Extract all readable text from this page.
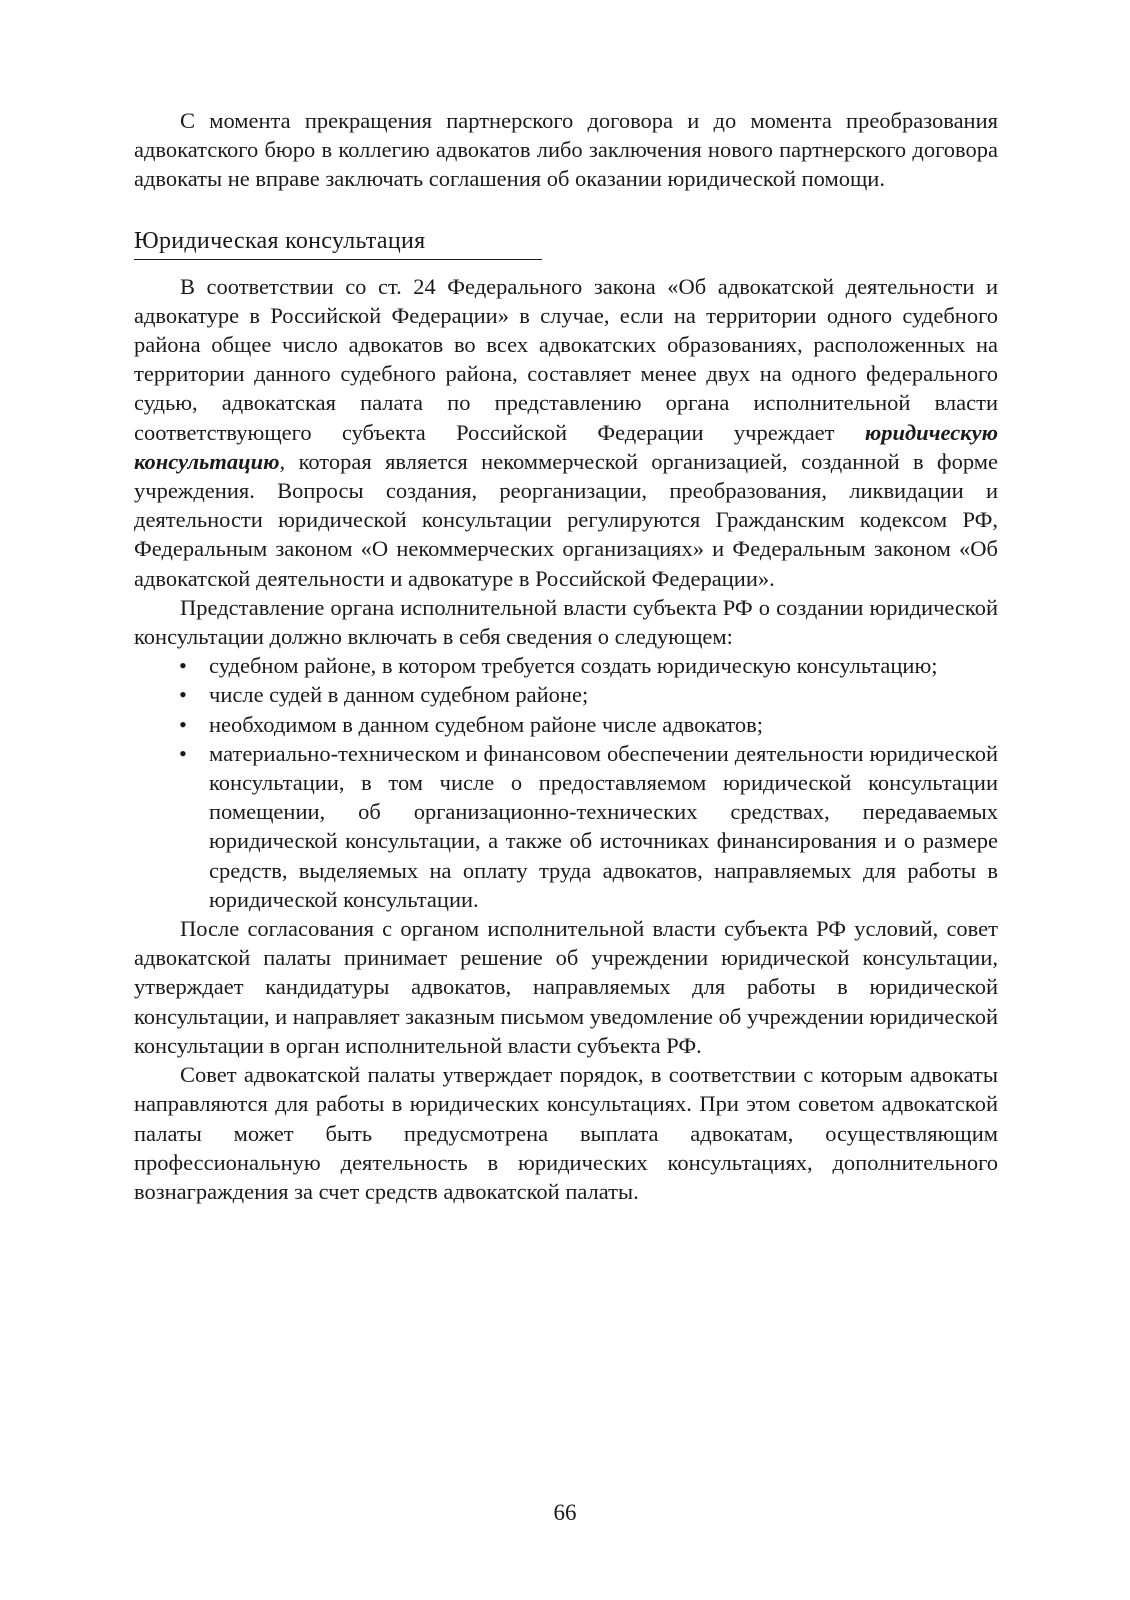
С момента прекращения партнерского договора и до момента преобразования адвокатского бюро в коллегию адвокатов либо заключения нового партнерского договора адвокаты не вправе заключать соглашения об оказании юридической помощи.

Юридическая консультация

В соответствии со ст. 24 Федерального закона «Об адвокатской деятельности и адвокатуре в Российской Федерации» в случае, если на территории одного судебного района общее число адвокатов во всех адвокатских образованиях, расположенных на территории данного судебного района, составляет менее двух на одного федерального судью, адвокатская палата по представлению органа исполнительной власти соответствующего субъекта Российской Федерации учреждает юридическую консультацию, которая является некоммерческой организацией, созданной в форме учреждения. Вопросы создания, реорганизации, преобразования, ликвидации и деятельности юридической консультации регулируются Гражданским кодексом РФ, Федеральным законом «О некоммерческих организациях» и Федеральным законом «Об адвокатской деятельности и адвокатуре в Российской Федерации».

Представление органа исполнительной власти субъекта РФ о создании юридической консультации должно включать в себя сведения о следующем:

• судебном районе, в котором требуется создать юридическую консультацию;
• числе судей в данном судебном районе;
• необходимом в данном судебном районе числе адвокатов;
• материально-техническом и финансовом обеспечении деятельности юридической консультации, в том числе о предоставляемом юридической консультации помещении, об организационно-технических средствах, передаваемых юридической консультации, а также об источниках финансирования и о размере средств, выделяемых на оплату труда адвокатов, направляемых для работы в юридической консультации.

После согласования с органом исполнительной власти субъекта РФ условий, совет адвокатской палаты принимает решение об учреждении юридической консультации, утверждает кандидатуры адвокатов, направляемых для работы в юридической консультации, и направляет заказным письмом уведомление об учреждении юридической консультации в орган исполнительной власти субъекта РФ.

Совет адвокатской палаты утверждает порядок, в соответствии с которым адвокаты направляются для работы в юридических консультациях. При этом советом адвокатской палаты может быть предусмотрена выплата адвокатам, осуществляющим профессиональную деятельность в юридических консультациях, дополнительного вознаграждения за счет средств адвокатской палаты.

66
